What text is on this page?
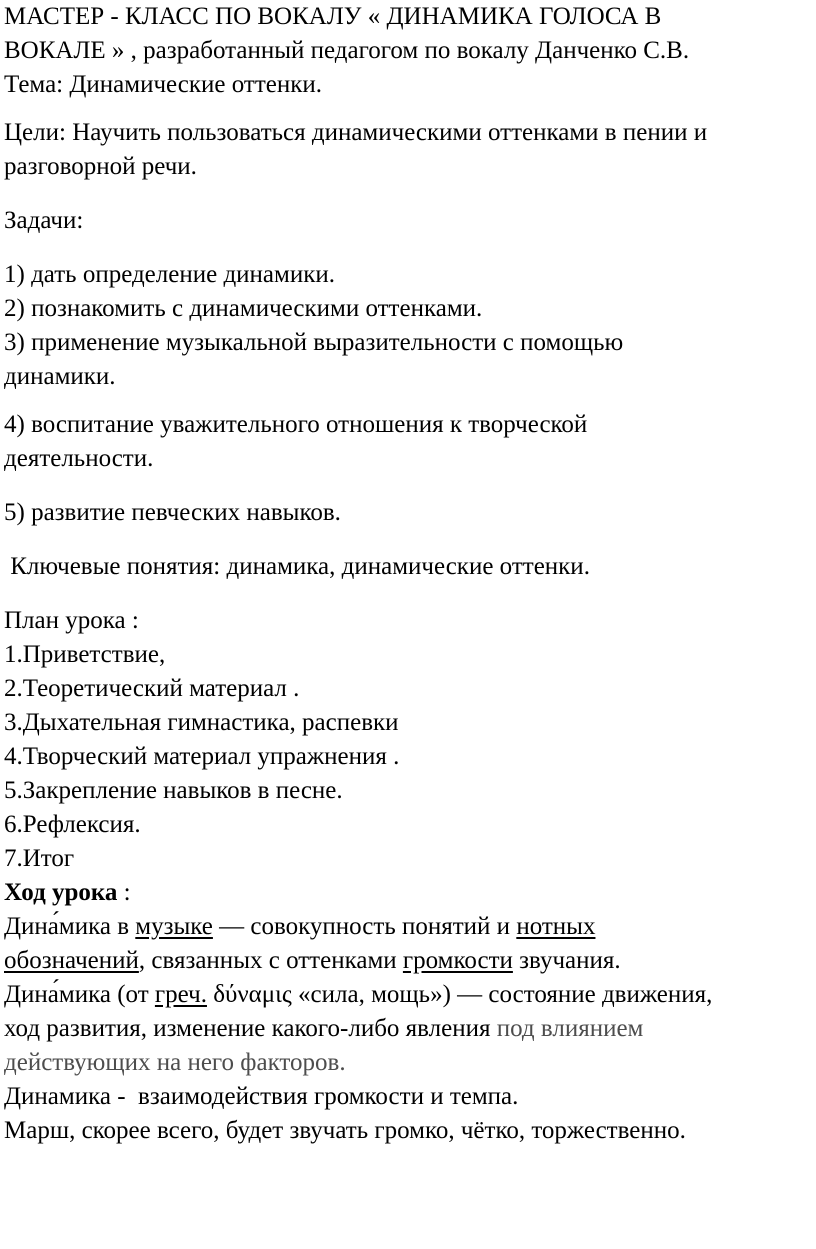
МАСТЕР - КЛАСС ПО ВОКАЛУ « ДИНАМИКА ГОЛОСА В

ВОКАЛЕ » , разработанный педагогом по вокалу Данченко С.В.

Тема: Динамические оттенки.

Цели: Научить пользоваться динамическими оттенками в пении и

разговорной речи.

Задачи:

1) дать определение динамики.

2) познакомить с динамическими оттенками.

3) применение музыкальной выразительности с помощью

динамики.

4) воспитание уважительного отношения к творческой

деятельности.

5) развитие певческих навыков.

Ключевые понятия: динамика, динамические оттенки.

План урока :

1.Приветствие,

2.Теоретический материал .

3.Дыхательная гимнастика, распевки

4.Творческий материал упражнения .

5.Закрепление навыков в песне.

6.Рефлексия.

7.Итог

Ход урока :

Дина́мика в музыке — совокупность понятий и нотных

обозначений, связанных с оттенками громкости звучания.

Дина́мика (от греч. δύναμις «сила, мощь») — состояние движения,

ход развития, изменение какого-либо явления под влиянием

действующих на него факторов.

Динамика -  взаимодействия громкости и темпа.

Марш, скорее всего, будет звучать громко, чётко, торжественно.
